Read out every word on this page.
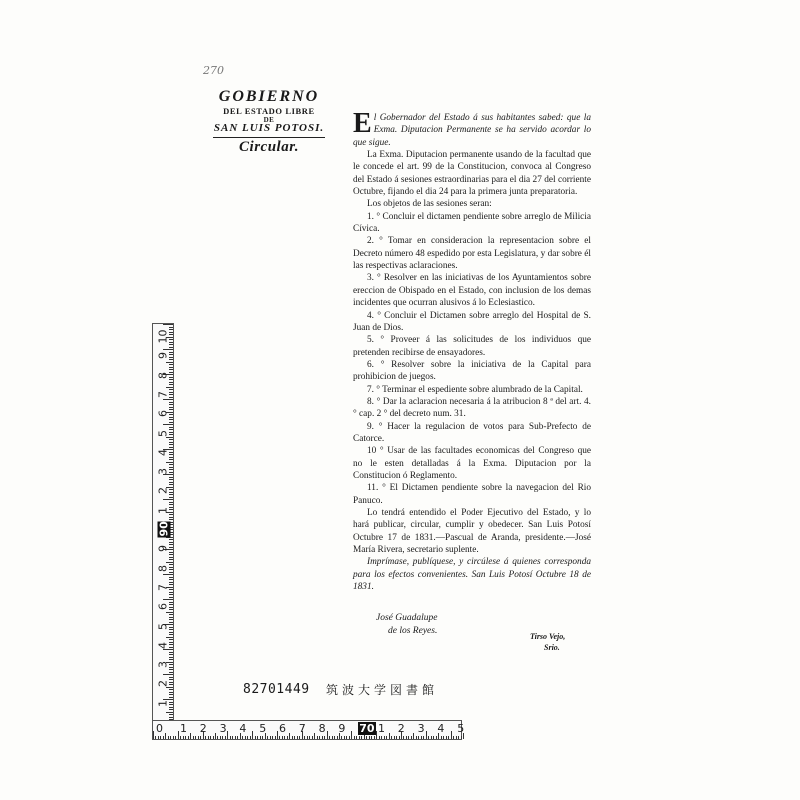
270
GOBIERNO
DEL ESTADO LIBRE
DE
SAN LUIS POTOSI.
Circular.

El Gobernador del Estado á sus habitantes sabed: que la Exma. Diputacion Permanente se ha servido acordar lo que sigue.

La Exma. Diputacion permanente usando de la facultad que le concede el art. 99 de la Constitucion, convoca al Congreso del Estado á sesiones estraordinarias para el dia 27 del corriente Octubre, fijando el dia 24 para la primera junta preparatoria.

Los objetos de las sesiones seran:

1. ° Concluir el dictamen pendiente sobre arreglo de Milicia Cívica.

2. ° Tomar en consideracion la representacion sobre el Decreto número 48 espedido por esta Legislatura, y dar sobre él las respectivas aclaraciones.

3. ° Resolver en las iniciativas de los Ayuntamientos sobre ereccion de Obispado en el Estado, con inclusion de los demas incidentes que ocurran alusivos á lo Eclesiastico.

4. ° Concluir el Dictamen sobre arreglo del Hospital de S. Juan de Dios.

5. ° Proveer á las solicitudes de los individuos que pretenden recibirse de ensayadores.

6. ° Resolver sobre la iniciativa de la Capital para prohibicion de juegos.

7. ° Terminar el espediente sobre alumbrado de la Capital.

8. ° Dar la aclaracion necesaria á la atribucion 8 ª del art. 4. ° cap. 2 ° del decreto num. 31.

9. ° Hacer la regulacion de votos para Sub-Prefecto de Catorce.

10 ° Usar de las facultades economicas del Congreso que no le esten detalladas á la Exma. Diputacion por la Constitucion ó Reglamento.

11. ° El Dictamen pendiente sobre la navegacion del Rio Panuco.

Lo tendrá entendido el Poder Ejecutivo del Estado, y lo hará publicar, circular, cumplir y obedecer. San Luis Potosí Octubre 17 de 1831.—Pascual de Aranda, presidente.—José María Rivera, secretario suplente.

Imprímase, publíquese, y circúlese á quienes corresponda para los efectos convenientes. San Luis Potosí Octubre 18 de 1831.

José Guadalupe
de los Reyes.
Tirso Vejo,
Srio.
82701449 筑波大学図書館
10
9
8
7
6
5
4
3
2
1
90
9
8
7
6
5
4
3
2
1
0 1 2 3 4 5 6 7 8 9 70 1 2 3 4 5
